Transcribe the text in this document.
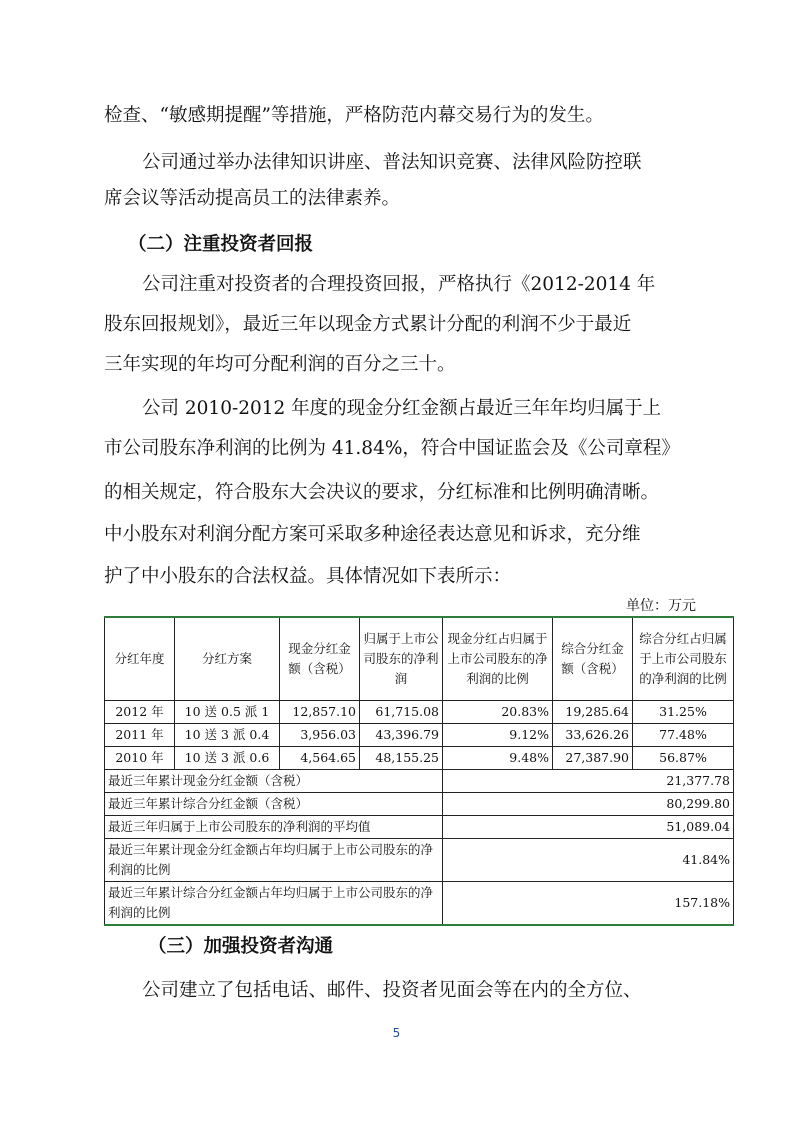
检查、“敏感期提醒”等措施，严格防范内幕交易行为的发生。
公司通过举办法律知识讲座、普法知识竞赛、法律风险防控联
席会议等活动提高员工的法律素养。
（二）注重投资者回报
公司注重对投资者的合理投资回报，严格执行《2012-2014 年
股东回报规划》，最近三年以现金方式累计分配的利润不少于最近
三年实现的年均可分配利润的百分之三十。
公司 2010-2012 年度的现金分红金额占最近三年年均归属于上
市公司股东净利润的比例为 41.84%，符合中国证监会及《公司章程》
的相关规定，符合股东大会决议的要求，分红标准和比例明确清晰。
中小股东对利润分配方案可采取多种途径表达意见和诉求，充分维
护了中小股东的合法权益。具体情况如下表所示：
单位：万元
分红年度	分红方案	现金分红金额（含税）	归属于上市公司股东的净利润	现金分红占归属于上市公司股东的净利润的比例	综合分红金额（含税）	综合分红占归属于上市公司股东的净利润的比例
2012 年	10 送 0.5 派 1	12,857.10	61,715.08	20.83%	19,285.64	31.25%
2011 年	10 送 3 派 0.4	3,956.03	43,396.79	9.12%	33,626.26	77.48%
2010 年	10 送 3 派 0.6	4,564.65	48,155.25	9.48%	27,387.90	56.87%
最近三年累计现金分红金额（含税）				21,377.78		
最近三年累计综合分红金额（含税）				80,299.80		
最近三年归属于上市公司股东的净利润的平均值				51,089.04		
最近三年累计现金分红金额占年均归属于上市公司股东的净利润的比例				41.84%		
最近三年累计综合分红金额占年均归属于上市公司股东的净利润的比例				157.18%		
（三）加强投资者沟通
公司建立了包括电话、邮件、投资者见面会等在内的全方位、
5
